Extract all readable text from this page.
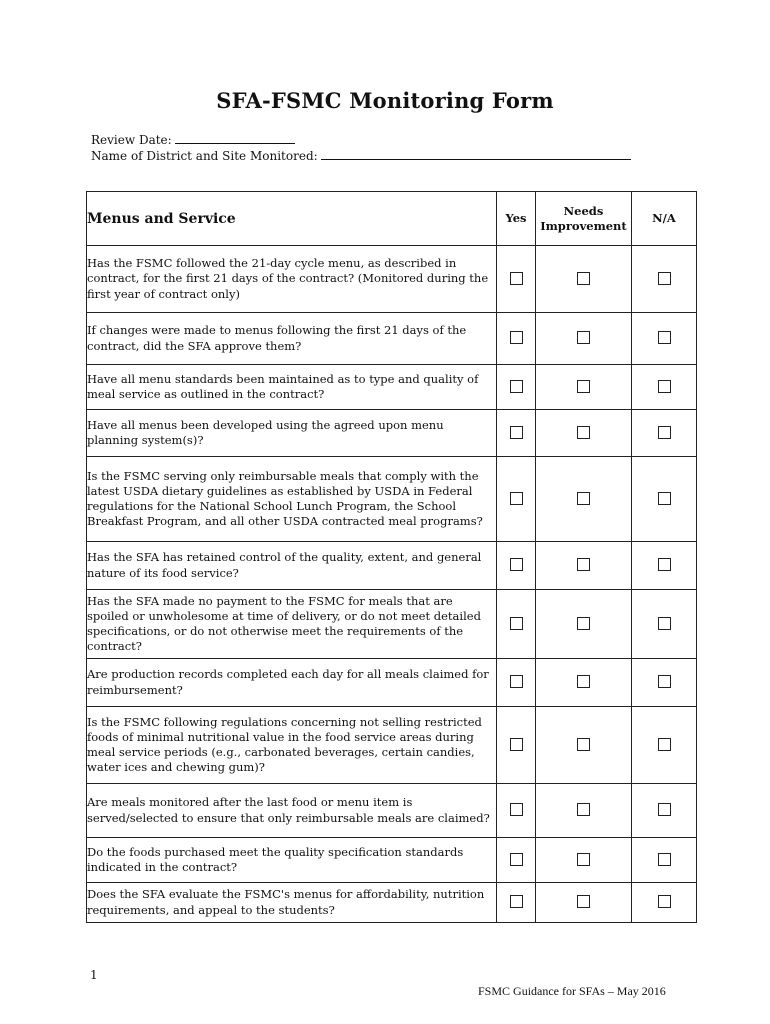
SFA-FSMC Monitoring Form
Review Date:
Name of District and Site Monitored:
Menus and Service	Yes	Needs Improvement	N/A
Has the FSMC followed the 21-day cycle menu, as described in contract, for the first 21 days of the contract? (Monitored during the first year of contract only)			
If changes were made to menus following the first 21 days of the contract, did the SFA approve them?			
Have all menu standards been maintained as to type and quality of meal service as outlined in the contract?			
Have all menus been developed using the agreed upon menu planning system(s)?			
Is the FSMC serving only reimbursable meals that comply with the latest USDA dietary guidelines as established by USDA in Federal regulations for the National School Lunch Program, the School Breakfast Program, and all other USDA contracted meal programs?			
Has the SFA has retained control of the quality, extent, and general nature of its food service?			
Has the SFA made no payment to the FSMC for meals that are spoiled or unwholesome at time of delivery, or do not meet detailed specifications, or do not otherwise meet the requirements of the contract?			
Are production records completed each day for all meals claimed for reimbursement?			
Is the FSMC following regulations concerning not selling restricted foods of minimal nutritional value in the food service areas during meal service periods (e.g., carbonated beverages, certain candies, water ices and chewing gum)?			
Are meals monitored after the last food or menu item is served/selected to ensure that only reimbursable meals are claimed?			
Do the foods purchased meet the quality specification standards indicated in the contract?			
Does the SFA evaluate the FSMC's menus for affordability, nutrition requirements, and appeal to the students?			
1
FSMC Guidance for SFAs – May 2016
